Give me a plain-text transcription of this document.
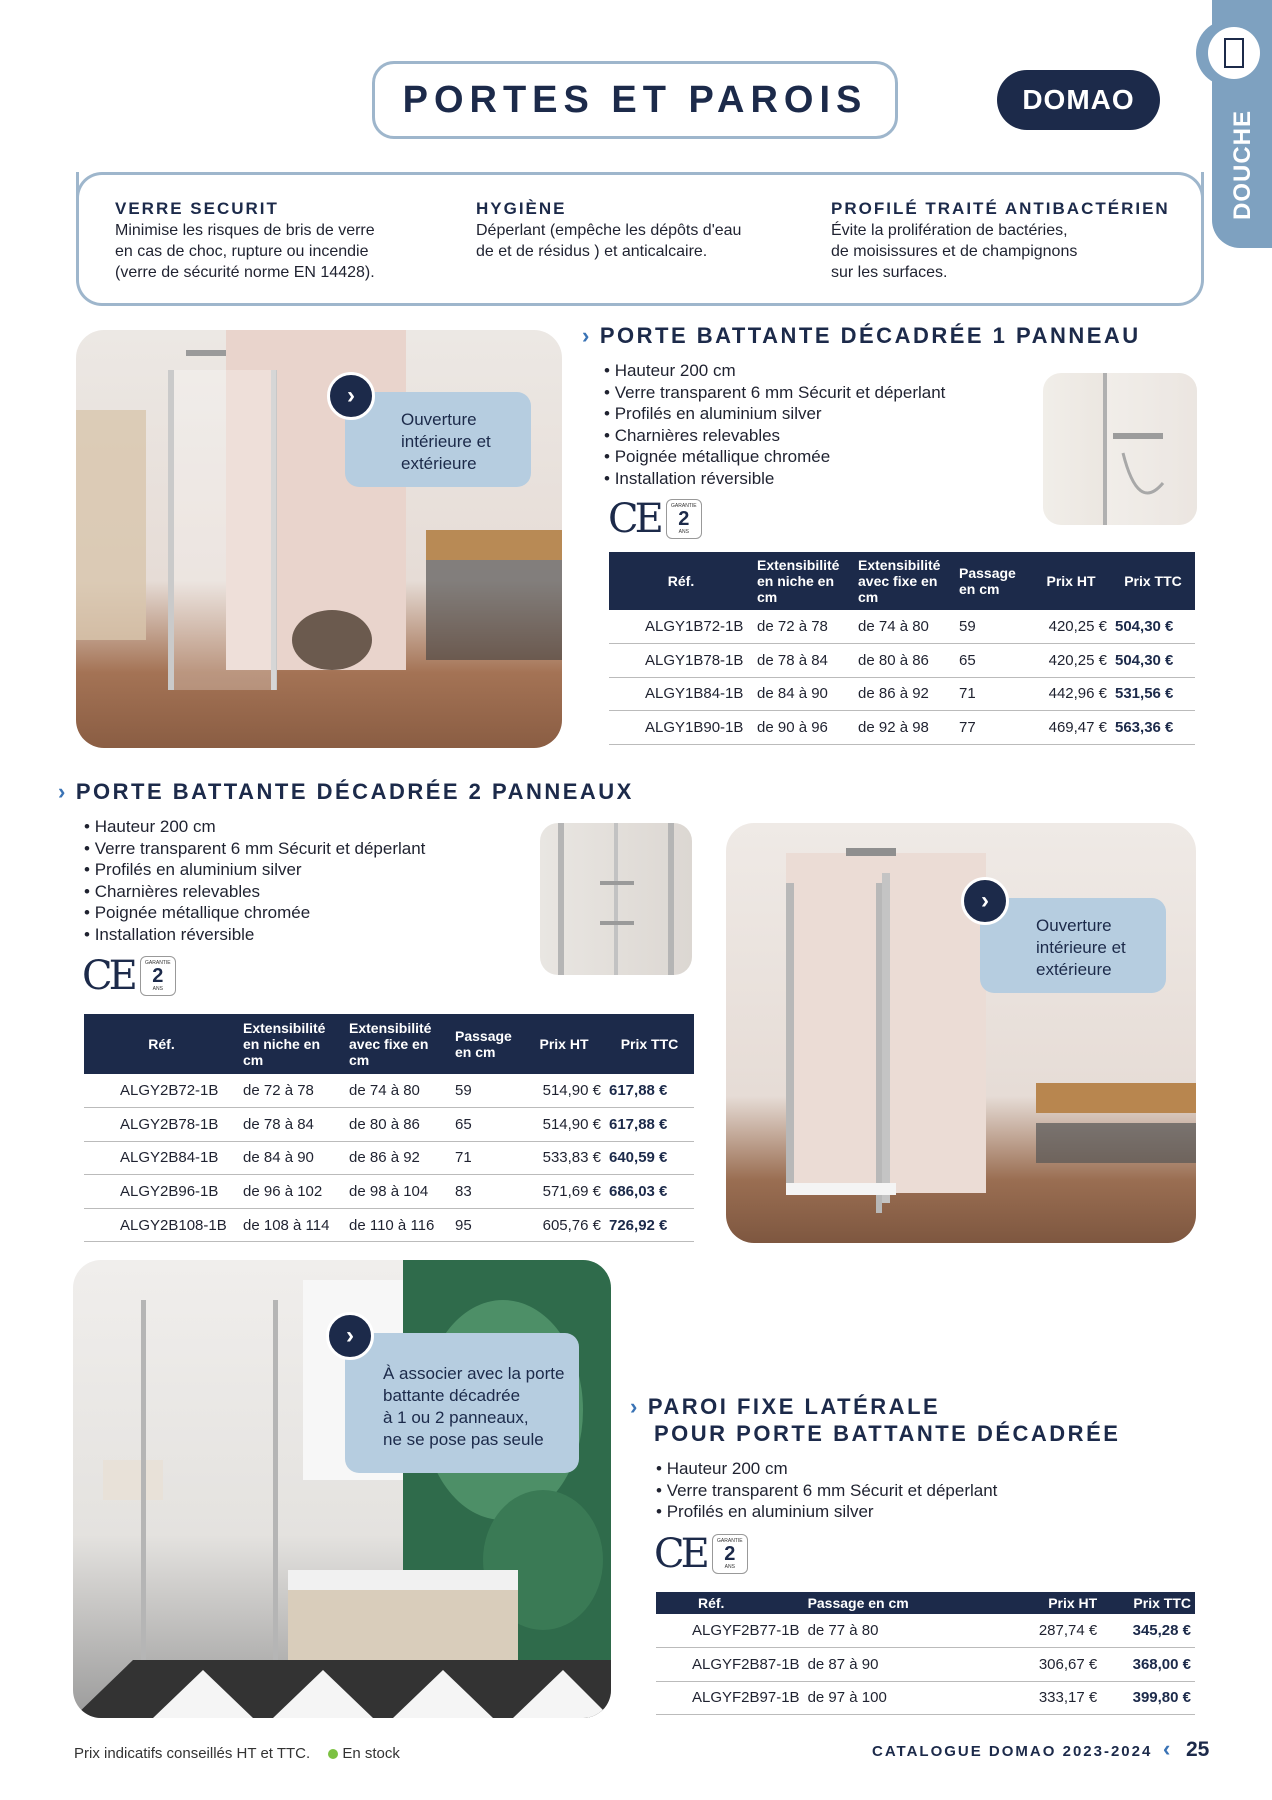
PORTES ET PAROIS	DOMAO
DOUCHE
VERRE SECURIT
Minimise les risques de bris de verre
en cas de choc, rupture ou incendie
(verre de sécurité norme EN 14428).
HYGIÈNE
Déperlant (empêche les dépôts d'eau
de et de résidus ) et anticalcaire.
PROFILÉ TRAITÉ ANTIBACTÉRIEN
Évite la prolifération de bactéries,
de moisissures et de champignons
sur les surfaces.
Ouverture
intérieure et
extérieure
›
› PORTE BATTANTE DÉCADRÉE 1 PANNEAU
• Hauteur 200 cm
• Verre transparent 6 mm Sécurit et déperlant
• Profilés en aluminium silver
• Charnières relevables
• Poignée métallique chromée
• Installation réversible
CE GARANTIE
2
ANS
Réf.	Extensibilité en niche en cm	Extensibilité avec fixe en cm	Passage en cm	Prix HT	Prix TTC
ALGY1B72-1B	de 72 à 78	de 74 à 80	59	420,25 €	504,30 €
ALGY1B78-1B	de 78 à 84	de 80 à 86	65	420,25 €	504,30 €
ALGY1B84-1B	de 84 à 90	de 86 à 92	71	442,96 €	531,56 €
ALGY1B90-1B	de 90 à 96	de 92 à 98	77	469,47 €	563,36 €
› PORTE BATTANTE DÉCADRÉE 2 PANNEAUX
• Hauteur 200 cm
• Verre transparent 6 mm Sécurit et déperlant
• Profilés en aluminium silver
• Charnières relevables
• Poignée métallique chromée
• Installation réversible
CE GARANTIE
2
ANS
Ouverture
intérieure et
extérieure
›
Réf.	Extensibilité en niche en cm	Extensibilité avec fixe en cm	Passage en cm	Prix HT	Prix TTC
ALGY2B72-1B	de 72 à 78	de 74 à 80	59	514,90 €	617,88 €
ALGY2B78-1B	de 78 à 84	de 80 à 86	65	514,90 €	617,88 €
ALGY2B84-1B	de 84 à 90	de 86 à 92	71	533,83 €	640,59 €
ALGY2B96-1B	de 96 à 102	de 98 à 104	83	571,69 €	686,03 €
ALGY2B108-1B	de 108 à 114	de 110 à 116	95	605,76 €	726,92 €
À associer avec la porte
battante décadrée
à 1 ou 2 panneaux,
ne se pose pas seule
›
› PAROI FIXE LATÉRALE
POUR PORTE BATTANTE DÉCADRÉE
• Hauteur 200 cm
• Verre transparent 6 mm Sécurit et déperlant
• Profilés en aluminium silver
CE GARANTIE
2
ANS
Réf.	Passage en cm	Prix HT	Prix TTC
ALGYF2B77-1B	de 77 à 80	287,74 €	345,28 €
ALGYF2B87-1B	de 87 à 90	306,67 €	368,00 €
ALGYF2B97-1B	de 97 à 100	333,17 €	399,80 €
Prix indicatifs conseillés HT et TTC. En stock	CATALOGUE DOMAO 2023-2024 ‹ 25
